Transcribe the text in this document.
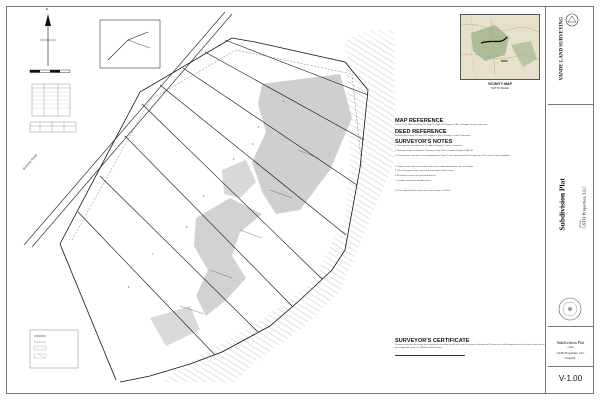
Bowman Road
1
2
3
4
5
6
7
8
N
SITE
VICINITY MAP
NOT TO SCALE

MAP REFERENCE

Parcel 37.01, Harris Property, Plat Book 22, Page 30, Register's Office, Grainger County, Tennessee.

DEED REFERENCE

Warranty Deed, Book 3, Page 224, Register's Office, Grainger County, Tennessee.

SURVEYOR'S NOTES

1. This property is located in the Tax Map of Grainger County, Tennessee.

2. Bearings shown are based on Tennessee State Plane Coordinate System NAD 83.

3. This property is located in areas designated as Zone X, areas determined to be outside the 0.2% annual chance floodplain.

4. Utilities shown hereon have been taken from visible observations and record maps.

5. Other Surveys or Plats used in the preparation of this survey.

6. All distances shown are ground distances.

7. Grainger County Zoning: Agricultural.

8. The unadjusted ratio of precision of this survey is 1:10000.

SURVEYOR'S CERTIFICATE

I hereby certify that this survey was performed in accordance with the current Tennessee Standards of Practice for Land Surveying and that the ratio of precision of the unadjusted survey is 1:10000 as shown hereon.

VANDE LAND SURVEYING
Subdivision Plat	of the GSTD Properties, LLC
Subdivision Plat
of the
GSTD Properties, LLC
Property
V-1.00
